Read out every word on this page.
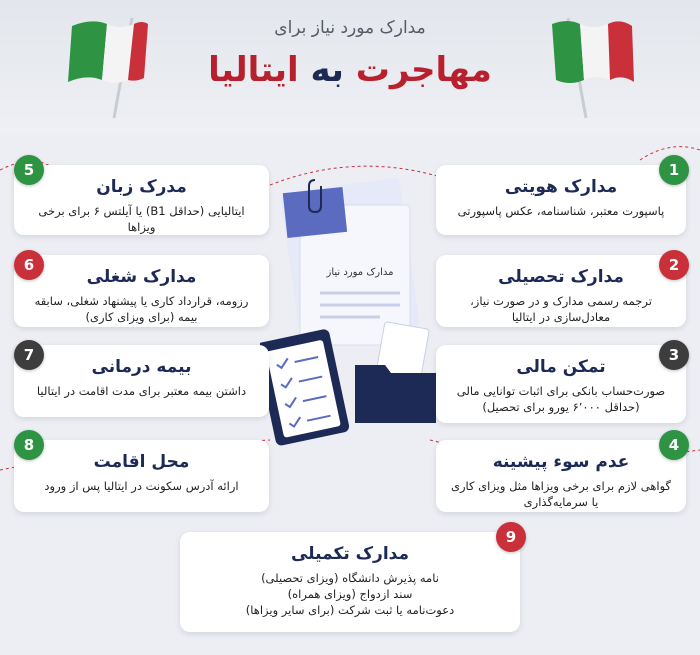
مدارک مورد نیاز برای
مهاجرت به ایتالیا
مدارک مورد نیاز
مدارک هویتی
پاسپورت معتبر، شناسنامه، عکس پاسپورتی
1
مدارک تحصیلی
ترجمه رسمی مدارک و در صورت نیاز، معادل‌سازی در ایتالیا
2
تمکن مالی
صورت‌حساب بانکی برای اثبات توانایی مالی (حداقل ۶٬۰۰۰ یورو برای تحصیل)
3
عدم سوء پیشینه
گواهی لازم برای برخی ویزاها مثل ویزای کاری یا سرمایه‌گذاری
4
مدرک زبان
ایتالیایی (حداقل B1) یا آیلتس ۶ برای برخی ویزاها
5
مدارک شغلی
رزومه، قرارداد کاری یا پیشنهاد شغلی، سابقه بیمه (برای ویزای کاری)
6
بیمه درمانی
داشتن بیمه معتبر برای مدت اقامت در ایتالیا
7
محل اقامت
ارائه آدرس سکونت در ایتالیا پس از ورود
8
مدارک تکمیلی
نامه پذیرش دانشگاه (ویزای تحصیلی)
سند ازدواج (ویزای همراه)
دعوت‌نامه یا ثبت شرکت (برای سایر ویزاها)
9
